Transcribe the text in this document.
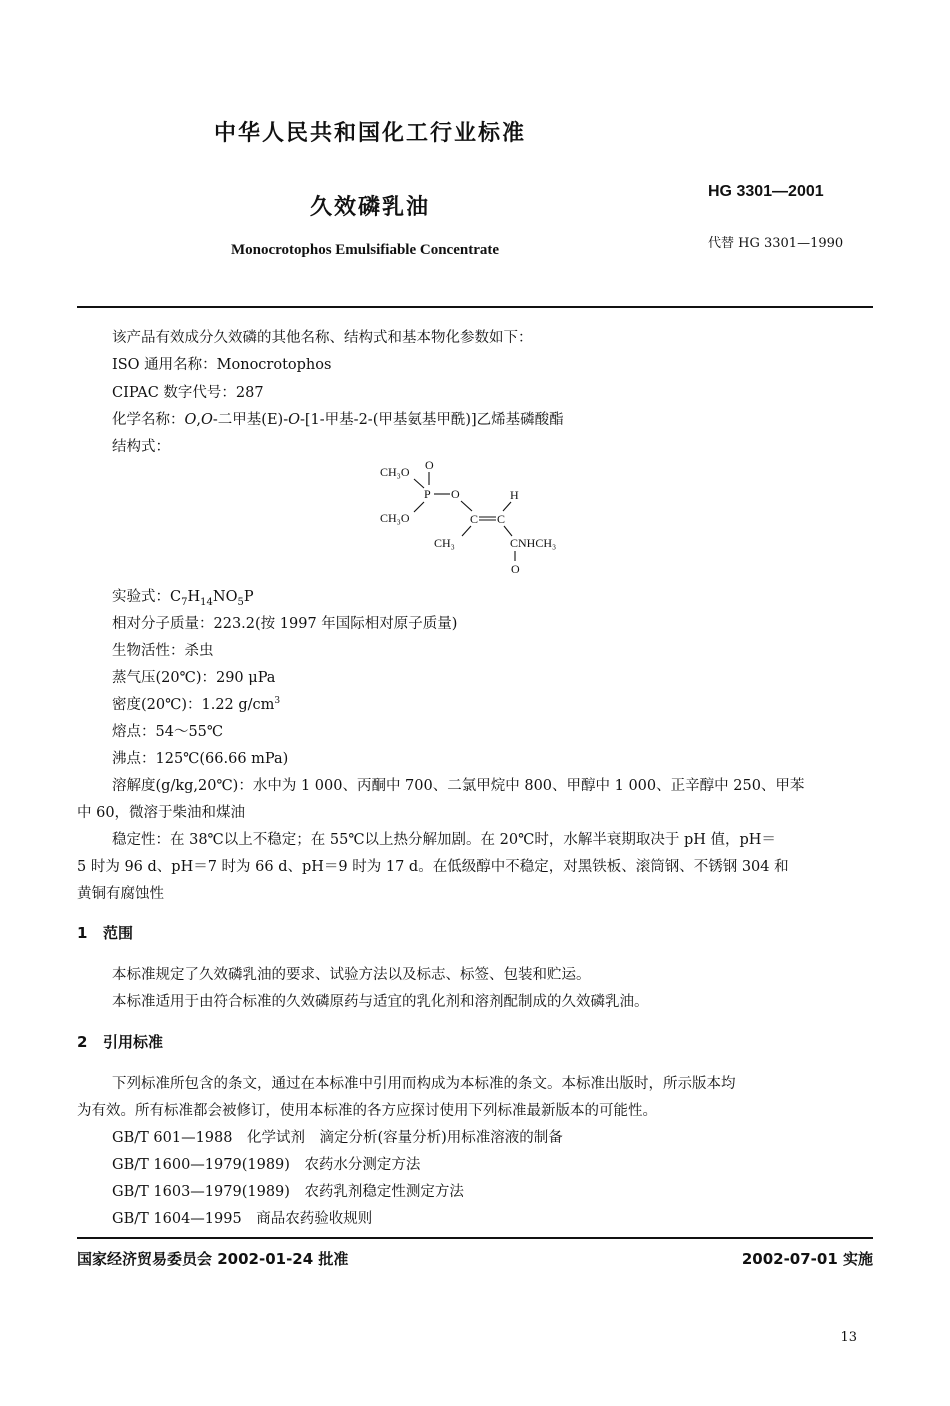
中华人民共和国化工行业标准
HG 3301—2001
久效磷乳油
代替 HG 3301—1990
Monocrotophos Emulsifiable Concentrate
该产品有效成分久效磷的其他名称、结构式和基本物化参数如下：
ISO 通用名称：Monocrotophos
CIPAC 数字代号：287
化学名称：O,O-二甲基(E)-O-[1-甲基-2-(甲基氨基甲酰)]乙烯基磷酸酯
结构式：
CH₃O O
P O	H
CH₃O	C C
CH₃	CNHCH₃
O
实验式：$C_7H_{14}NO_5P$
相对分子质量：223.2(按 1997 年国际相对原子质量)
生物活性：杀虫
蒸气压(20℃)：290 μPa
密度(20℃)：1.22 $g/cm^3$
熔点：54～55℃
沸点：125℃(66.66 mPa)
溶解度(g/kg,20℃)：水中为 1 000、丙酮中 700、二氯甲烷中 800、甲醇中 1 000、正辛醇中 250、甲苯
中 60，微溶于柴油和煤油
稳定性：在 38℃以上不稳定；在 55℃以上热分解加剧。在 20℃时，水解半衰期取决于 pH 值，pH＝
5 时为 96 d、pH＝7 时为 66 d、pH＝9 时为 17 d。在低级醇中不稳定，对黑铁板、滚筒钢、不锈钢 304 和
黄铜有腐蚀性
1 范围
本标准规定了久效磷乳油的要求、试验方法以及标志、标签、包装和贮运。
本标准适用于由符合标准的久效磷原药与适宜的乳化剂和溶剂配制成的久效磷乳油。
2 引用标准
下列标准所包含的条文，通过在本标准中引用而构成为本标准的条文。本标准出版时，所示版本均
为有效。所有标准都会被修订，使用本标准的各方应探讨使用下列标准最新版本的可能性。
GB/T 601—1988　 化学试剂　滴定分析(容量分析)用标准溶液的制备
GB/T 1600—1979(1989)　 农药水分测定方法
GB/T 1603—1979(1989)　 农药乳剂稳定性测定方法
GB/T 1604—1995　 商品农药验收规则
国家经济贸易委员会 2002-01-24 批准	2002-07-01 实施
13
